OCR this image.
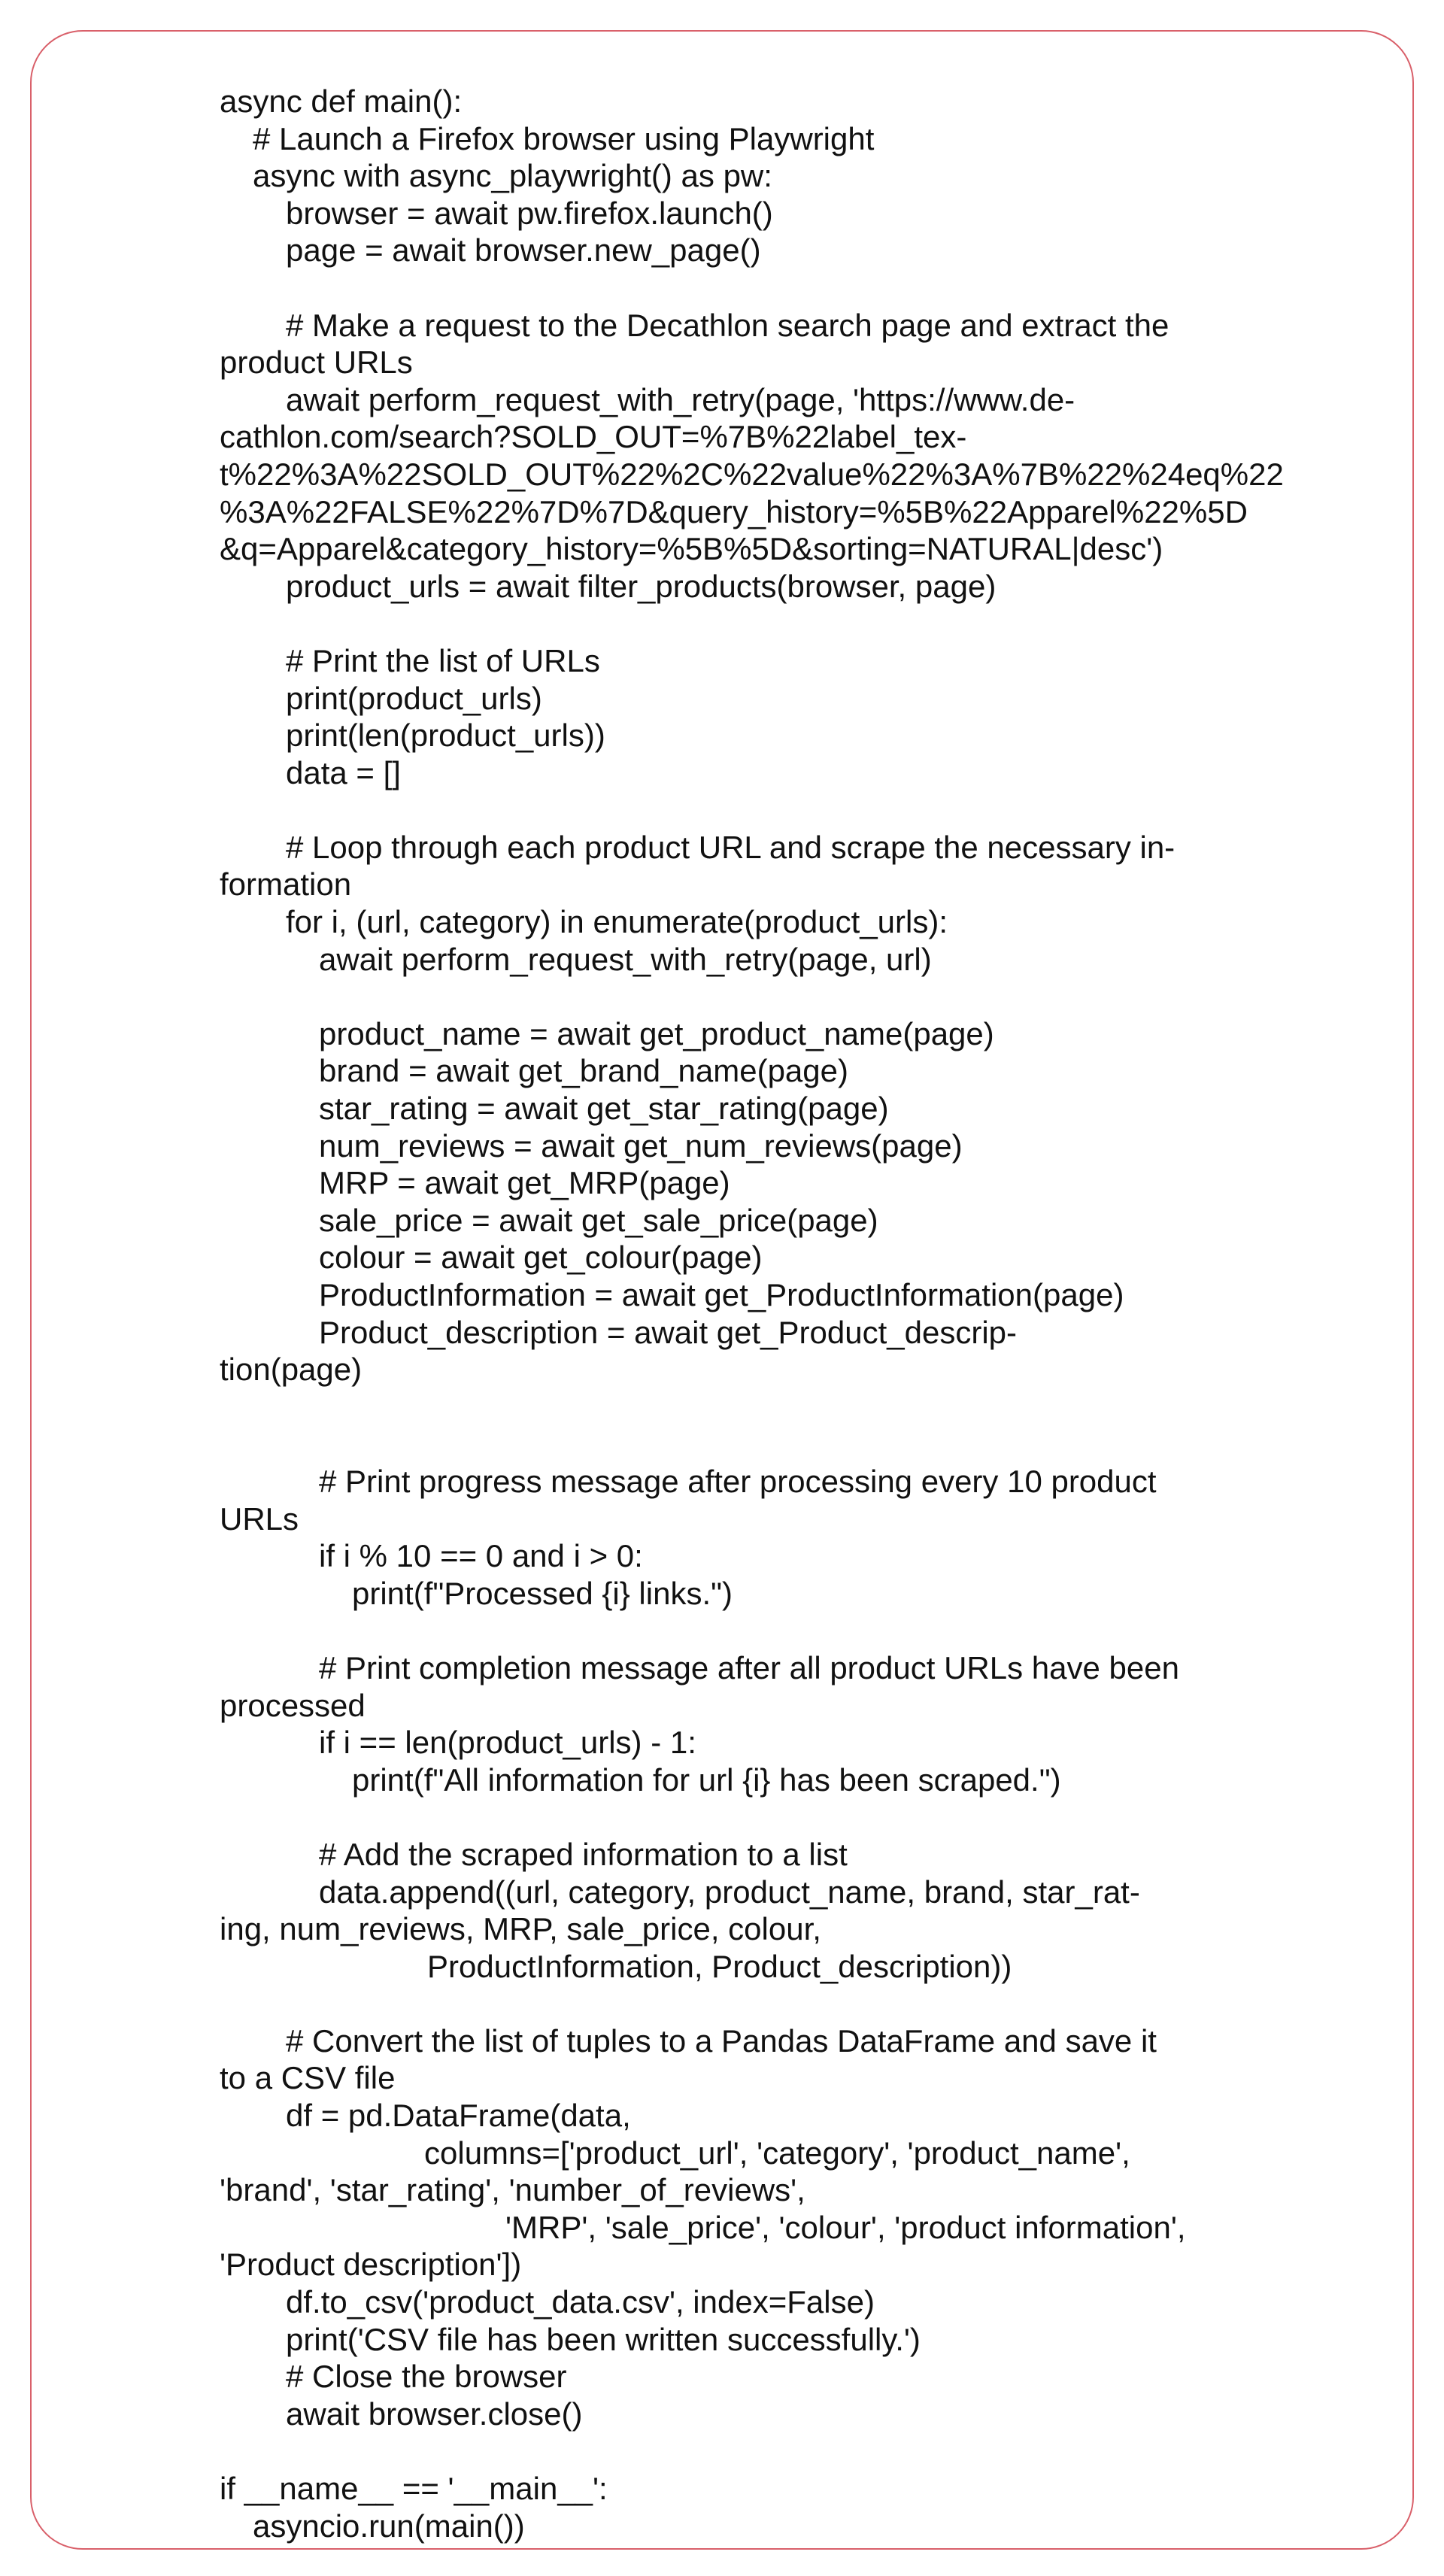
async def main():
# Launch a Firefox browser using Playwright
async with async_playwright() as pw:
browser = await pw.firefox.launch()
page = await browser.new_page()
# Make a request to the Decathlon search page and extract the
product URLs
await perform_request_with_retry(page, 'https://www.de-
cathlon.com/search?SOLD_OUT=%7B%22label_tex-
t%22%3A%22SOLD_OUT%22%2C%22value%22%3A%7B%22%24eq%22
%3A%22FALSE%22%7D%7D&query_history=%5B%22Apparel%22%5D
&q=Apparel&category_history=%5B%5D&sorting=NATURAL|desc')
product_urls = await filter_products(browser, page)
# Print the list of URLs
print(product_urls)
print(len(product_urls))
data = []
# Loop through each product URL and scrape the necessary in-
formation
for i, (url, category) in enumerate(product_urls):
await perform_request_with_retry(page, url)
product_name = await get_product_name(page)
brand = await get_brand_name(page)
star_rating = await get_star_rating(page)
num_reviews = await get_num_reviews(page)
MRP = await get_MRP(page)
sale_price = await get_sale_price(page)
colour = await get_colour(page)
ProductInformation = await get_ProductInformation(page)
Product_description = await get_Product_descrip-
tion(page)
# Print progress message after processing every 10 product
URLs
if i % 10 == 0 and i > 0:
print(f"Processed {i} links.")
# Print completion message after all product URLs have been
processed
if i == len(product_urls) - 1:
print(f"All information for url {i} has been scraped.")
# Add the scraped information to a list
data.append((url, category, product_name, brand, star_rat-
ing, num_reviews, MRP, sale_price, colour,
ProductInformation, Product_description))
# Convert the list of tuples to a Pandas DataFrame and save it
to a CSV file
df = pd.DataFrame(data,
columns=['product_url', 'category', 'product_name',
'brand', 'star_rating', 'number_of_reviews',
'MRP', 'sale_price', 'colour', 'product information',
'Product description'])
df.to_csv('product_data.csv', index=False)
print('CSV file has been written successfully.')
# Close the browser
await browser.close()
if __name__ == '__main__':
asyncio.run(main())
